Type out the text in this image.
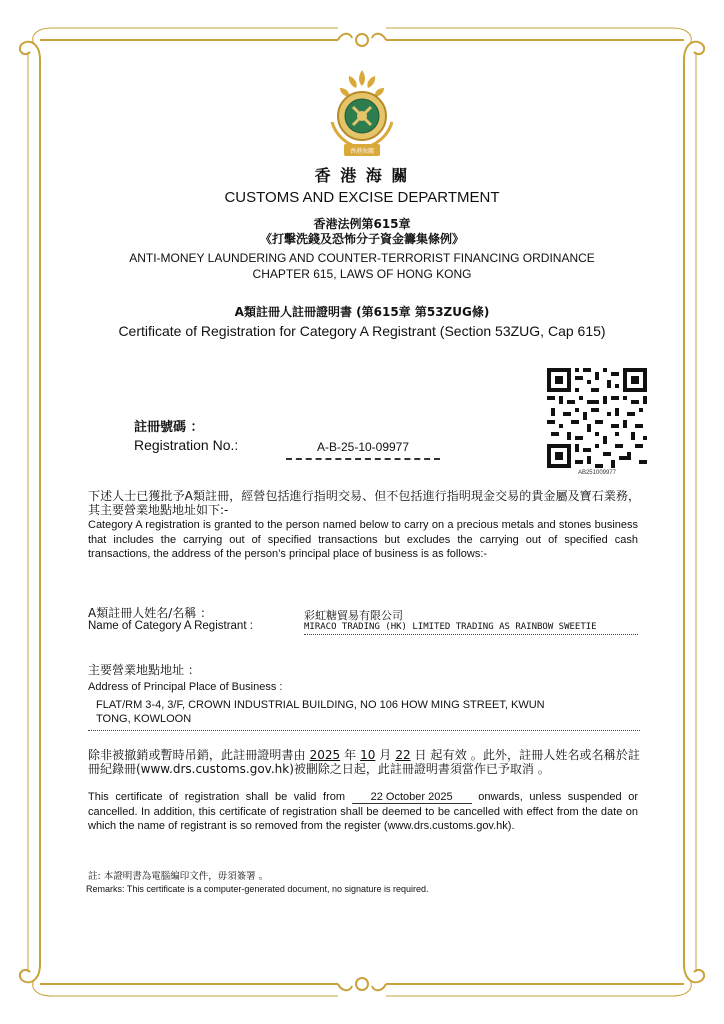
香港海關
香 港 海 關
CUSTOMS AND EXCISE DEPARTMENT
香港法例第615章
《打擊洗錢及恐怖分子資金籌集條例》
ANTI-MONEY LAUNDERING AND COUNTER-TERRORIST FINANCING ORDINANCE
CHAPTER 615, LAWS OF HONG KONG
A類註冊人註冊證明書 (第615章 第53ZUG條)
Certificate of Registration for Category A Registrant (Section 53ZUG, Cap 615)
註冊號碼 ：
Registration No.:	A-B-25-10-09977
AB251009977
下述人士已獲批予A類註冊，經營包括進行指明交易、但不包括進行指明現金交易的貴金屬及寶石業務，其主要營業地點地址如下:-
Category A registration is granted to the person named below to carry on a precious metals and stones business that includes the carrying out of specified transactions but excludes the carrying out of specified cash transactions, the address of the person’s principal place of business is as follows:-
A類註冊人姓名/名稱 ：
Name of Category A Registrant :
彩虹糖貿易有限公司
MIRACO TRADING (HK) LIMITED TRADING AS RAINBOW SWEETIE
主要營業地點地址 ：
Address of Principal Place of Business :
FLAT/RM 3-4, 3/F, CROWN INDUSTRIAL BUILDING, NO 106 HOW MING STREET, KWUN
TONG, KOWLOON
除非被撤銷或暫時吊銷，此註冊證明書由 2025 年 10 月 22 日 起有效 。此外，註冊人姓名或名稱於註冊紀錄冊(www.drs.customs.gov.hk)被刪除之日起，此註冊證明書須當作已予取消 。
This certificate of registration shall be valid from 22 October 2025 onwards, unless suspended or cancelled. In addition, this certificate of registration shall be deemed to be cancelled with effect from the date on which the name of registrant is so removed from the register (www.drs.customs.gov.hk).
註: 本證明書為電腦編印文件，毋須簽署 。
Remarks: This certificate is a computer-generated document, no signature is required.
